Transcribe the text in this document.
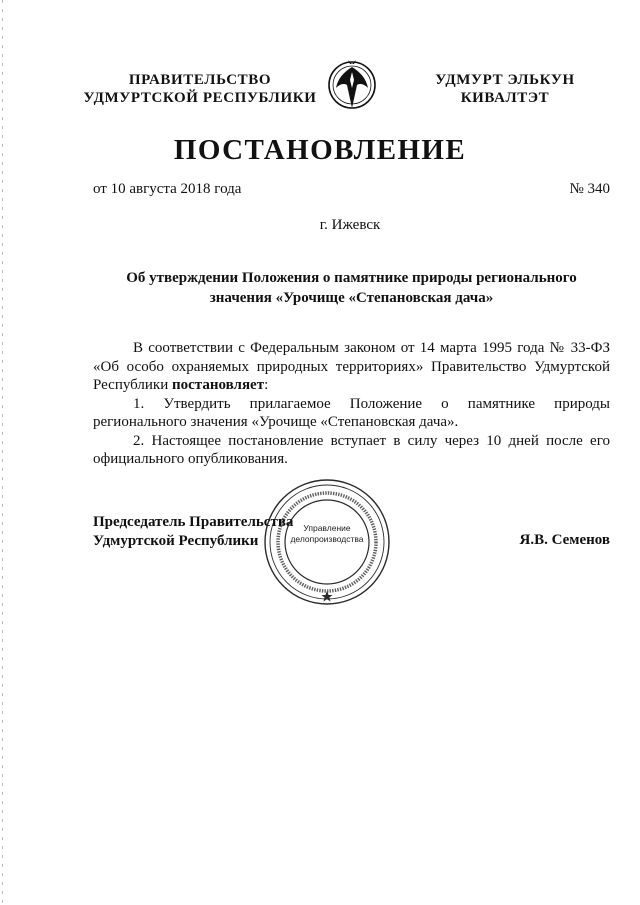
ПРАВИТЕЛЬСТВО
УДМУРТСКОЙ РЕСПУБЛИКИ
УДМУРТ ЭЛЬКУН
КИВАЛТЭТ
ПОСТАНОВЛЕНИЕ
от 10 августа 2018 года	№ 340
г. Ижевск
Об утверждении Положения о памятнике природы регионального
значения «Урочище «Степановская дача»

В соответствии с Федеральным законом от 14 марта 1995 года № 33-ФЗ «Об особо охраняемых природных территориях» Правительство Удмуртской Республики постановляет:

1. Утвердить прилагаемое Положение о памятнике природы регионального значения «Урочище «Степановская дача».

2. Настоящее постановление вступает в силу через 10 дней после его официального опубликования.

Управление
делопроизводства
Председатель Правительства
Удмуртской Республики	Я.В. Семенов
